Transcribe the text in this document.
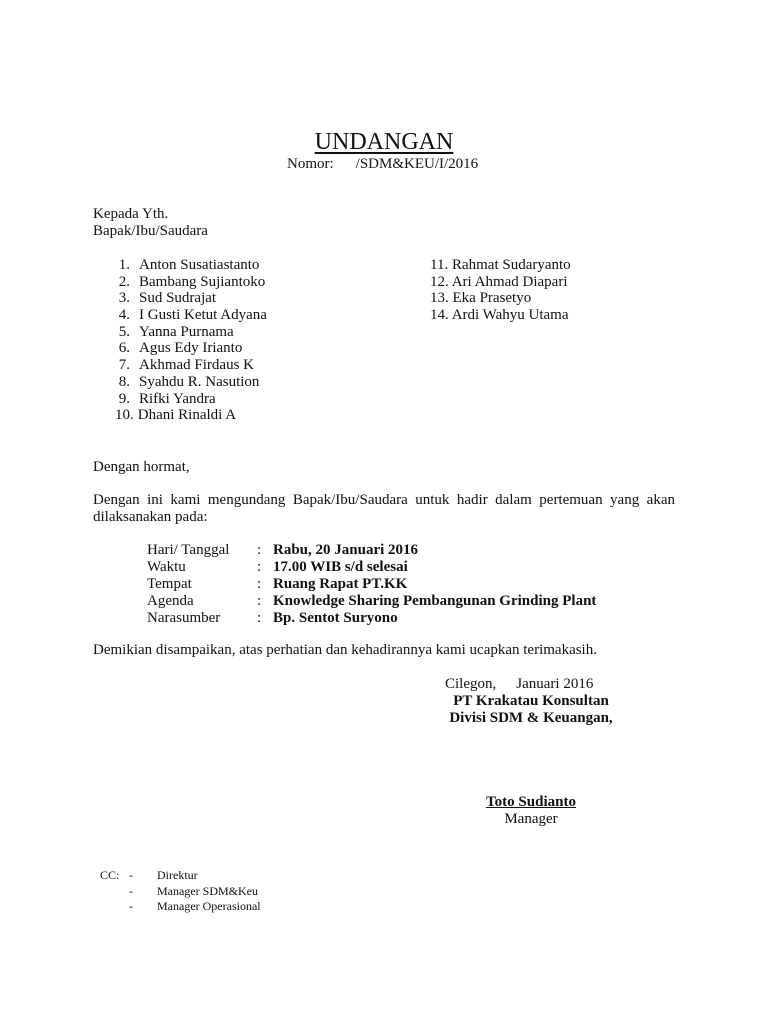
UNDANGAN
Nomor: /SDM&KEU/I/2016
Kepada Yth.
Bapak/Ibu/Saudara
1. Anton Susatiastanto
2. Bambang Sujiantoko
3. Sud Sudrajat
4. I Gusti Ketut Adyana
5. Yanna Purnama
6. Agus Edy Irianto
7. Akhmad Firdaus K
8. Syahdu R. Nasution
9. Rifki Yandra
10. Dhani Rinaldi A
11. Rahmat Sudaryanto
12. Ari Ahmad Diapari
13. Eka Prasetyo
14. Ardi Wahyu Utama
Dengan hormat,
Dengan ini kami mengundang Bapak/Ibu/Saudara untuk hadir dalam pertemuan yang akan dilaksanakan pada:
Hari/ Tanggal : Rabu, 20 Januari 2016
Waktu	: 17.00 WIB s/d selesai
Tempat	: Ruang Rapat PT.KK
Agenda	: Knowledge Sharing Pembangunan Grinding Plant
Narasumber : Bp. Sentot Suryono
Demikian disampaikan, atas perhatian dan kehadirannya kami ucapkan terimakasih.
Cilegon, Januari 2016
PT Krakatau Konsultan
Divisi SDM & Keuangan,
Toto Sudianto
Manager
CC:   - Direktur
- Manager SDM&Keu
- Manager Operasional
